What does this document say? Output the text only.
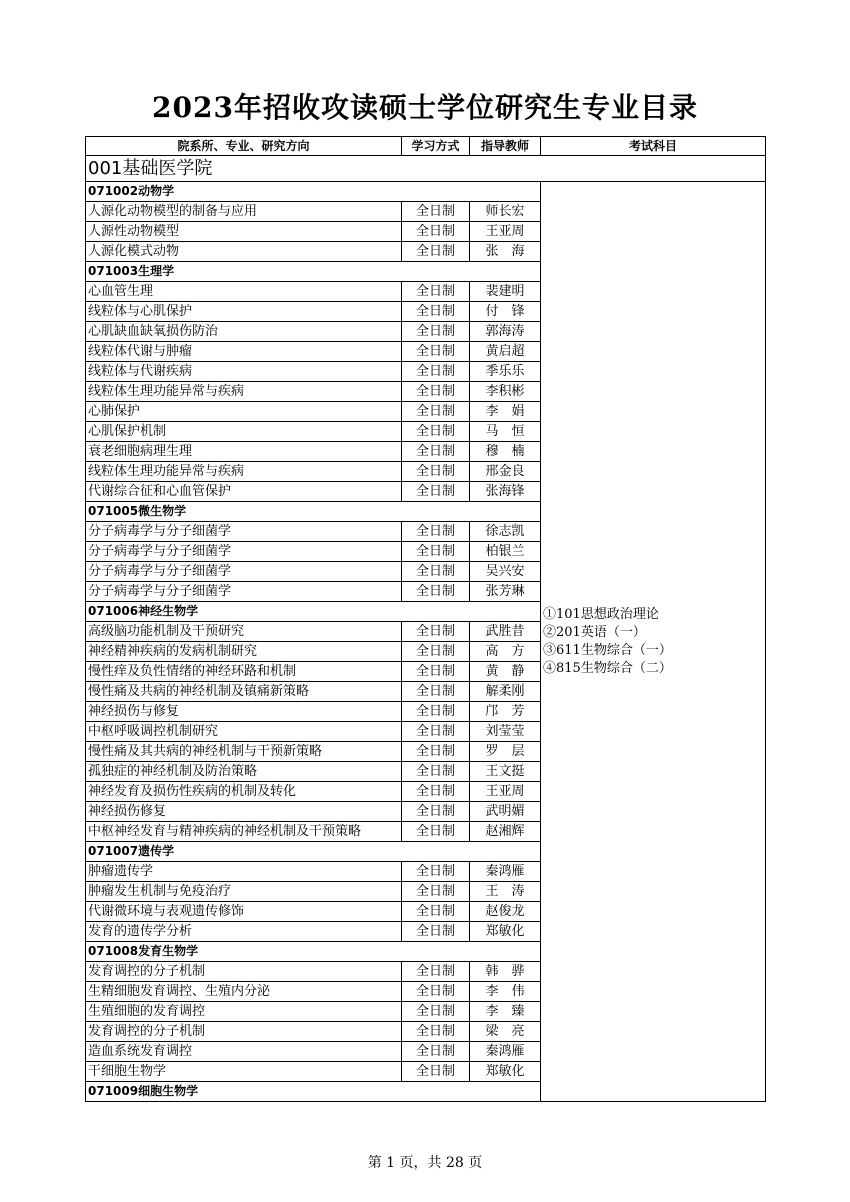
2023年招收攻读硕士学位研究生专业目录
院系所、专业、研究方向	学习方式	指导教师	考试科目
001基础医学院			
071002动物学			①101思想政治理论
②201英语（一）
③611生物综合（一）
④815生物综合（二）

人源化动物模型的制备与应用	全日制	师长宏	
人源性动物模型	全日制	王亚周	
人源化模式动物	全日制	张　海	
071003生理学			
心血管生理	全日制	裴建明	
线粒体与心肌保护	全日制	付　锋	
心肌缺血缺氧损伤防治	全日制	郭海涛	
线粒体代谢与肿瘤	全日制	黄启超	
线粒体与代谢疾病	全日制	季乐乐	
线粒体生理功能异常与疾病	全日制	李积彬	
心肺保护	全日制	李　娟	
心肌保护机制	全日制	马　恒	
衰老细胞病理生理	全日制	穆　楠	
线粒体生理功能异常与疾病	全日制	邢金良	
代谢综合征和心血管保护	全日制	张海锋	
071005微生物学			
分子病毒学与分子细菌学	全日制	徐志凯	
分子病毒学与分子细菌学	全日制	柏银兰	
分子病毒学与分子细菌学	全日制	吴兴安	
分子病毒学与分子细菌学	全日制	张芳琳	
071006神经生物学			
高级脑功能机制及干预研究	全日制	武胜昔	
神经精神疾病的发病机制研究	全日制	高　方	
慢性痒及负性情绪的神经环路和机制	全日制	黄　静	
慢性痛及共病的神经机制及镇痛新策略	全日制	解柔刚	
神经损伤与修复	全日制	邝　芳	
中枢呼吸调控机制研究	全日制	刘莹莹	
慢性痛及其共病的神经机制与干预新策略	全日制	罗　层	
孤独症的神经机制及防治策略	全日制	王文挺	
神经发育及损伤性疾病的机制及转化	全日制	王亚周	
神经损伤修复	全日制	武明媚	
中枢神经发育与精神疾病的神经机制及干预策略	全日制	赵湘辉	
071007遗传学			
肿瘤遗传学	全日制	秦鸿雁	
肿瘤发生机制与免疫治疗	全日制	王　涛	
代谢微环境与表观遗传修饰	全日制	赵俊龙	
发育的遗传学分析	全日制	郑敏化	
071008发育生物学			
发育调控的分子机制	全日制	韩　骅	
生精细胞发育调控、生殖内分泌	全日制	李　伟	
生殖细胞的发育调控	全日制	李　臻	
发育调控的分子机制	全日制	梁　亮	
造血系统发育调控	全日制	秦鸿雁	
干细胞生物学	全日制	郑敏化	
071009细胞生物学			
第 1 页，共 28 页
